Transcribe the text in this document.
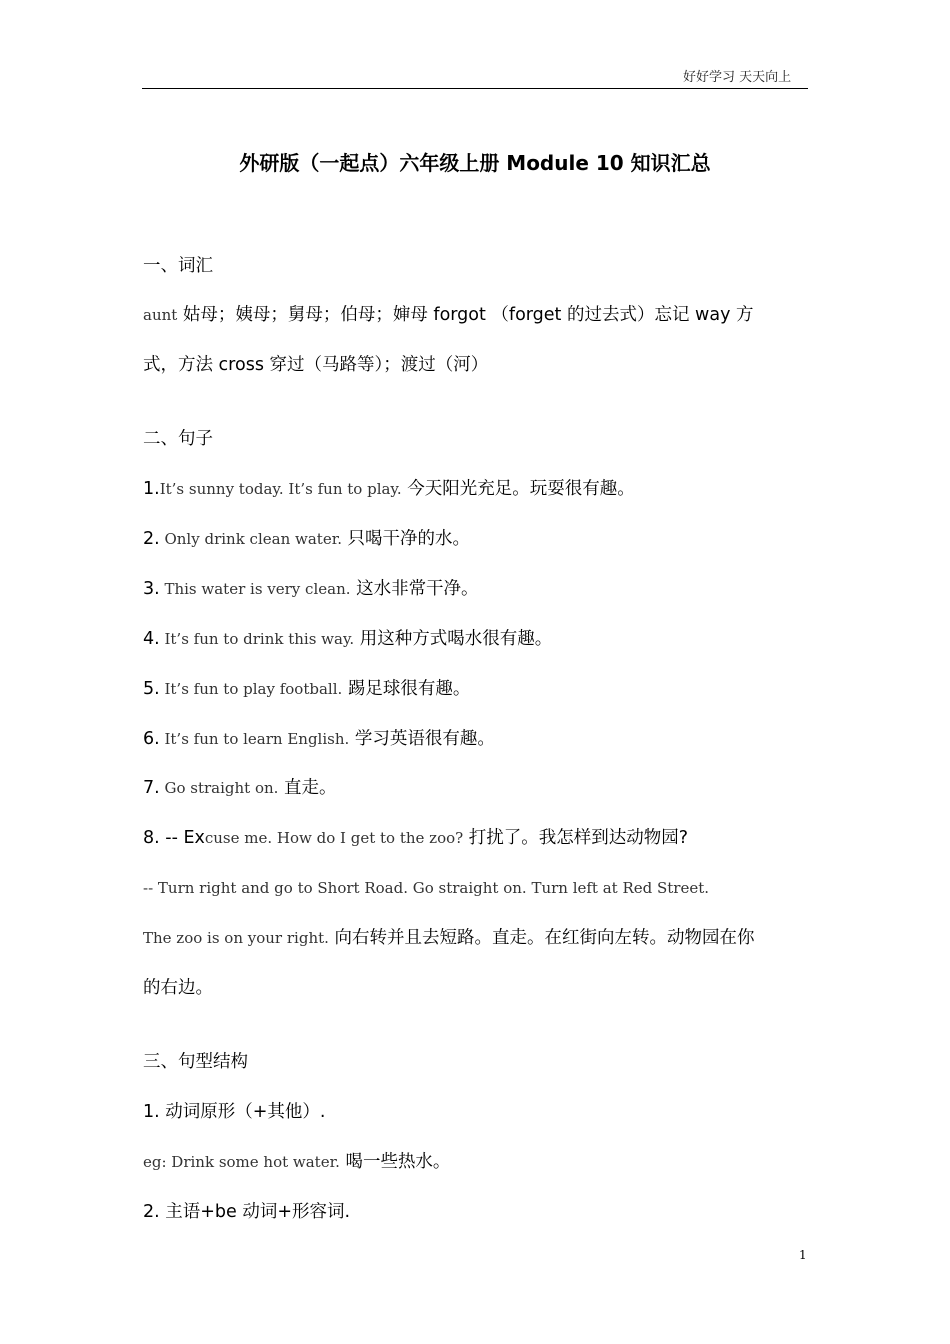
好好学习 天天向上
外研版（一起点）六年级上册 Module 10 知识汇总
一、词汇
aunt 姑母；姨母；舅母；伯母；婶母 forgot （forget 的过去式）忘记 way 方
式，方法 cross 穿过（马路等）；渡过（河）
二、句子
1.It’s sunny today. It’s fun to play. 今天阳光充足。玩耍很有趣。
2. Only drink clean water. 只喝干净的水。
3. This water is very clean. 这水非常干净。
4. It’s fun to drink this way. 用这种方式喝水很有趣。
5. It’s fun to play football. 踢足球很有趣。
6. It’s fun to learn English. 学习英语很有趣。
7. Go straight on. 直走。
8. -- Excuse me. How do I get to the zoo? 打扰了。我怎样到达动物园?
-- Turn right and go to Short Road. Go straight on. Turn left at Red Street.
The zoo is on your right. 向右转并且去短路。直走。在红街向左转。动物园在你
的右边。
三、句型结构
1. 动词原形（+其他）.
eg: Drink some hot water. 喝一些热水。
2. 主语+be 动词+形容词.
1
